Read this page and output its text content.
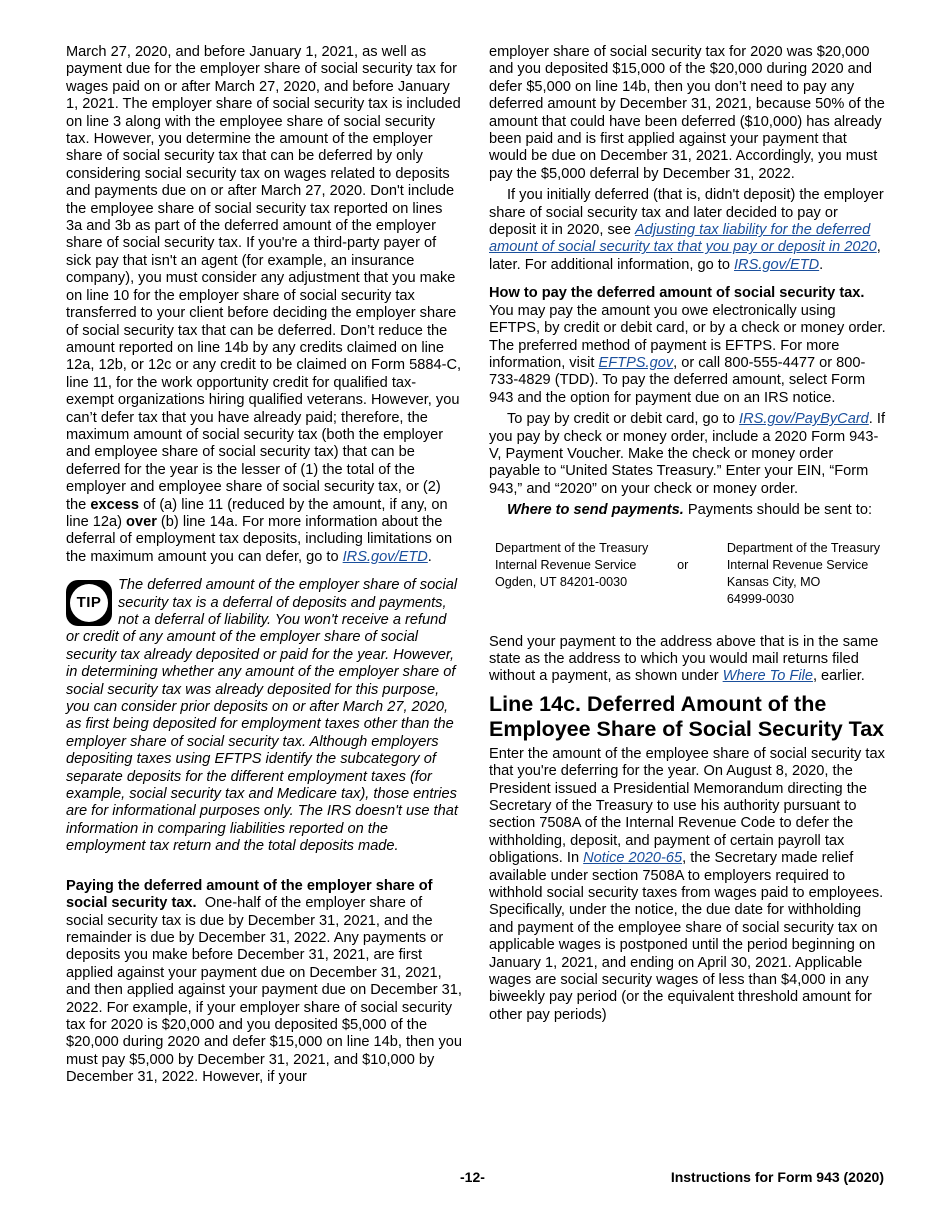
March 27, 2020, and before January 1, 2021, as well as payment due for the employer share of social security tax for wages paid on or after March 27, 2020, and before January 1, 2021. The employer share of social security tax is included on line 3 along with the employee share of social security tax. However, you determine the amount of the employer share of social security tax that can be deferred by only considering social security tax on wages related to deposits and payments due on or after March 27, 2020. Don't include the employee share of social security tax reported on lines 3a and 3b as part of the deferred amount of the employer share of social security tax. If you're a third-party payer of sick pay that isn't an agent (for example, an insurance company), you must consider any adjustment that you make on line 10 for the employer share of social security tax transferred to your client before deciding the employer share of social security tax that can be deferred. Don’t reduce the amount reported on line 14b by any credits claimed on line 12a, 12b, or 12c or any credit to be claimed on Form 5884-C, line 11, for the work opportunity credit for qualified tax-exempt organizations hiring qualified veterans. However, you can’t defer tax that you have already paid; therefore, the maximum amount of social security tax (both the employer and employee share of social security tax) that can be deferred for the year is the lesser of (1) the total of the employer and employee share of social security tax, or (2) the excess of (a) line 11 (reduced by the amount, if any, on line 12a) over (b) line 14a. For more information about the deferral of employment tax deposits, including limitations on the maximum amount you can defer, go to IRS.gov/ETD.

TIP
The deferred amount of the employer share of social security tax is a deferral of deposits and payments, not a deferral of liability. You won't receive a refund or credit of any amount of the employer share of social security tax already deposited or paid for the year. However, in determining whether any amount of the employer share of social security tax was already deposited for this purpose, you can consider prior deposits on or after March 27, 2020, as first being deposited for employment taxes other than the employer share of social security tax. Although employers depositing taxes using EFTPS identify the subcategory of separate deposits for the different employment taxes (for example, social security tax and Medicare tax), those entries are for informational purposes only. The IRS doesn't use that information in comparing liabilities reported on the employment tax return and the total deposits made.

Paying the deferred amount of the employer share of social security tax. One-half of the employer share of social security tax is due by December 31, 2021, and the remainder is due by December 31, 2022. Any payments or deposits you make before December 31, 2021, are first applied against your payment due on December 31, 2021, and then applied against your payment due on December 31, 2022. For example, if your employer share of social security tax for 2020 is $20,000 and you deposited $5,000 of the $20,000 during 2020 and defer $15,000 on line 14b, then you must pay $5,000 by December 31, 2021, and $10,000 by December 31, 2022. However, if your

employer share of social security tax for 2020 was $20,000 and you deposited $15,000 of the $20,000 during 2020 and defer $5,000 on line 14b, then you don’t need to pay any deferred amount by December 31, 2021, because 50% of the amount that could have been deferred ($10,000) has already been paid and is first applied against your payment that would be due on December 31, 2021. Accordingly, you must pay the $5,000 deferral by December 31, 2022.

If you initially deferred (that is, didn't deposit) the employer share of social security tax and later decided to pay or deposit it in 2020, see Adjusting tax liability for the deferred amount of social security tax that you pay or deposit in 2020, later. For additional information, go to IRS.gov/ETD.

How to pay the deferred amount of social security tax. You may pay the amount you owe electronically using EFTPS, by credit or debit card, or by a check or money order. The preferred method of payment is EFTPS. For more information, visit EFTPS.gov, or call 800-555-4477 or 800-733-4829 (TDD). To pay the deferred amount, select Form 943 and the option for payment due on an IRS notice.

To pay by credit or debit card, go to IRS.gov/PayByCard. If you pay by check or money order, include a 2020 Form 943-V, Payment Voucher. Make the check or money order payable to “United States Treasury.” Enter your EIN, “Form 943,” and “2020” on your check or money order.

Where to send payments. Payments should be sent to:

Department of the Treasury
Internal Revenue Service
Ogden, UT 84201-0030
or
Department of the Treasury
Internal Revenue Service
Kansas City, MO
64999-0030

Send your payment to the address above that is in the same state as the address to which you would mail returns filed without a payment, as shown under Where To File, earlier.

Line 14c. Deferred Amount of the Employee Share of Social Security Tax

Enter the amount of the employee share of social security tax that you're deferring for the year. On August 8, 2020, the President issued a Presidential Memorandum directing the Secretary of the Treasury to use his authority pursuant to section 7508A of the Internal Revenue Code to defer the withholding, deposit, and payment of certain payroll tax obligations. In Notice 2020-65, the Secretary made relief available under section 7508A to employers required to withhold social security taxes from wages paid to employees. Specifically, under the notice, the due date for withholding and payment of the employee share of social security tax on applicable wages is postponed until the period beginning on January 1, 2021, and ending on April 30, 2021. Applicable wages are social security wages of less than $4,000 in any biweekly pay period (or the equivalent threshold amount for other pay periods)

-12-	Instructions for Form 943 (2020)
